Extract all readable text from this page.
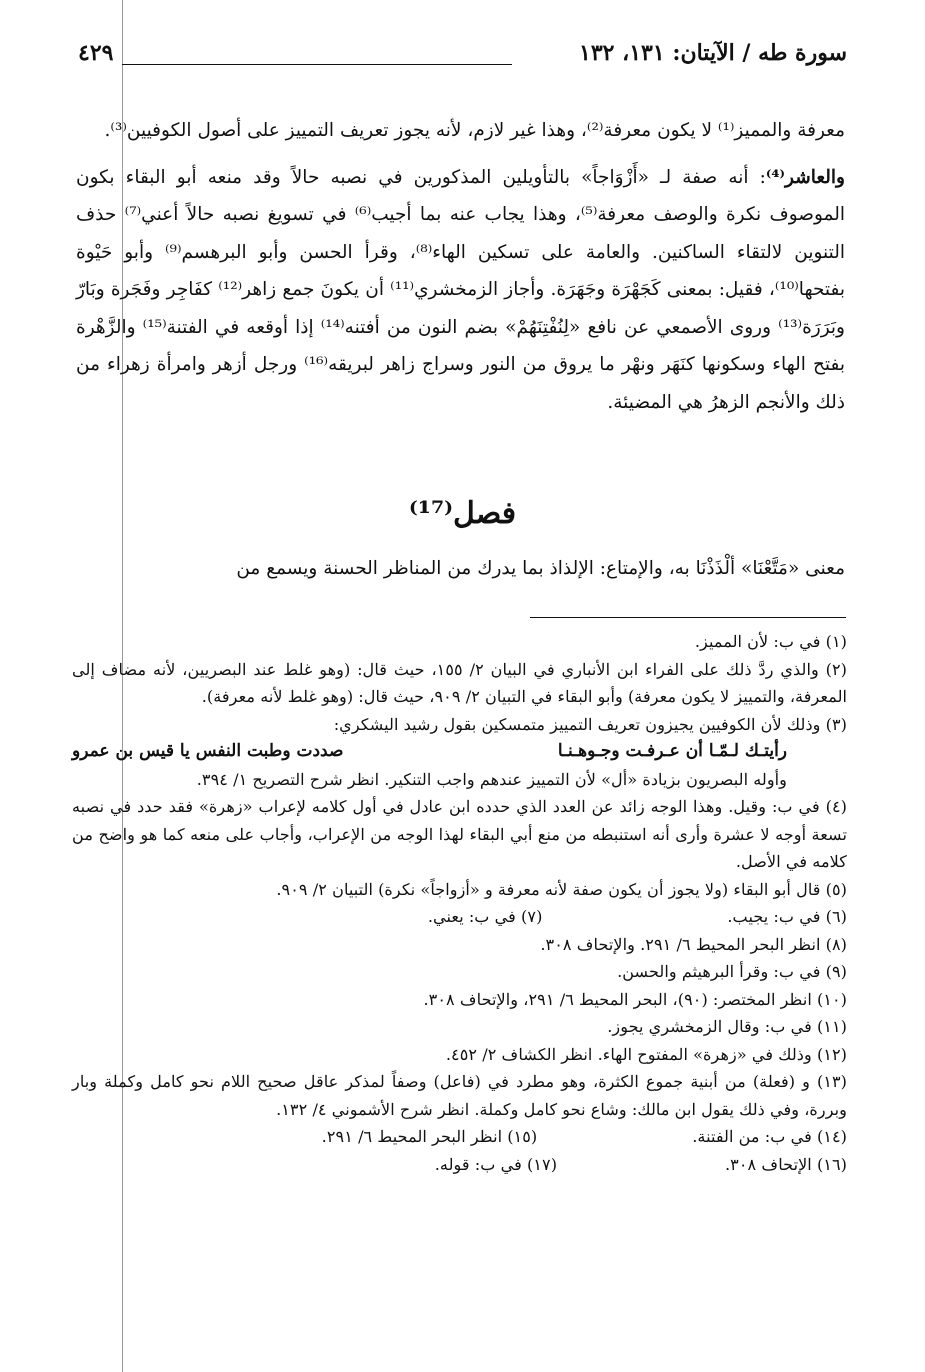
سورة طه / الآيتان: ١٣١، ١٣٢
٤٢٩

معرفة والمميز⁽¹⁾ لا يكون معرفة⁽²⁾، وهذا غير لازم، لأنه يجوز تعريف التمييز على أصول الكوفيين⁽³⁾.

والعاشر⁽⁴⁾: أنه صفة لـ «أَزْوَاجاً» بالتأويلين المذكورين في نصبه حالاً وقد منعه أبو البقاء بكون الموصوف نكرة والوصف معرفة⁽⁵⁾، وهذا يجاب عنه بما أجيب⁽⁶⁾ في تسويغ نصبه حالاً أعني⁽⁷⁾ حذف التنوين لالتقاء الساكنين. والعامة على تسكين الهاء⁽⁸⁾، وقرأ الحسن وأبو البرهسم⁽⁹⁾ وأبو حَيْوة بفتحها⁽¹⁰⁾، فقيل: بمعنى كَجَهْرَة وجَهَرَة. وأجاز الزمخشري⁽¹¹⁾ أن يكونَ جمع زاهر⁽¹²⁾ كفَاجِر وفَجَرة وبَارّ وبَرَرَة⁽¹³⁾ وروى الأصمعي عن نافع «لِنُفْتِنَهُمْ» بضم النون من أفتنه⁽¹⁴⁾ إذا أوقعه في الفتنة⁽¹⁵⁾ والزَّهْرة بفتح الهاء وسكونها كنَهَر ونهْر ما يروق من النور وسراج زاهر لبريقه⁽¹⁶⁾ ورجل أزهر وامرأة زهراء من ذلك والأنجم الزهرُ هي المضيئة.

فصل⁽¹⁷⁾
معنى «مَتَّعْنَا» ألْذَذْنَا به، والإمتاع: الإلذاذ بما يدرك من المناظر الحسنة ويسمع من

(١) في ب: لأن المميز.

(٢) والذي ردَّ ذلك على الفراء ابن الأنباري في البيان ٢/ ١٥٥، حيث قال: (وهو غلط عند البصريين، لأنه مضاف إلى المعرفة، والتمييز لا يكون معرفة) وأبو البقاء في التبيان ٢/ ٩٠٩، حيث قال: (وهو غلط لأنه معرفة).

(٣) وذلك لأن الكوفيين يجيزون تعريف التمييز متمسكين بقول رشيد اليشكري:

رأيتـك لـمّـا أن عـرفـت وجـوهـنـا
صددت وطبت النفس يا قيس بن عمرو

وأوله البصريون بزيادة «أل» لأن التمييز عندهم واجب التنكير. انظر شرح التصريح ١/ ٣٩٤.

(٤) في ب: وقيل. وهذا الوجه زائد عن العدد الذي حدده ابن عادل في أول كلامه لإعراب «زهرة» فقد حدد في نصبه تسعة أوجه لا عشرة وأرى أنه استنبطه من منع أبي البقاء لهذا الوجه من الإعراب، وأجاب على منعه كما هو واضح من كلامه في الأصل.

(٥) قال أبو البقاء (ولا يجوز أن يكون صفة لأنه معرفة و «أزواجاً» نكرة) التبيان ٢/ ٩٠٩.

(٦) في ب: يجيب.

(٧) في ب: يعني.

(٨) انظر البحر المحيط ٦/ ٢٩١. والإتحاف ٣٠٨.

(٩) في ب: وقرأ البرهيثم والحسن.

(١٠) انظر المختصر: (٩٠)، البحر المحيط ٦/ ٢٩١، والإتحاف ٣٠٨.

(١١) في ب: وقال الزمخشري يجوز.

(١٢) وذلك في «زهرة» المفتوح الهاء. انظر الكشاف ٢/ ٤٥٢.

(١٣) و (فعلة) من أبنية جموع الكثرة، وهو مطرد في (فاعل) وصفاً لمذكر عاقل صحيح اللام نحو كامل وكملة وبار وبررة، وفي ذلك يقول ابن مالك: وشاع نحو كامل وكملة. انظر شرح الأشموني ٤/ ١٣٢.

(١٤) في ب: من الفتنة.

(١٥) انظر البحر المحيط ٦/ ٢٩١.

(١٦) الإتحاف ٣٠٨.

(١٧) في ب: قوله.
